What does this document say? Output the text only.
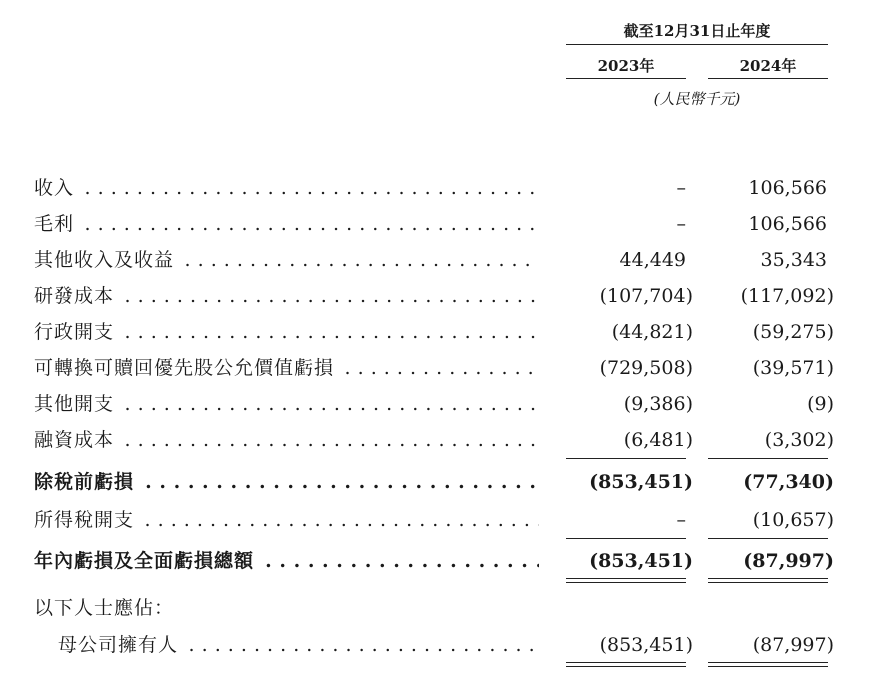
截至12月31日止年度
2023年	2024年
(人民幣千元)
收入 . . .	–	106,566
毛利 . . .	–	106,566
其他收入及收益 . . .	44,449	35,343
研發成本 . . .	(107,704)	(117,092)
行政開支 . . .	(44,821)	(59,275)
可轉換可贖回優先股公允價值虧損 . . .	(729,508)	(39,571)
其他開支 . . .	(9,386)	(9)
融資成本 . . .	(6,481)	(3,302)
除稅前虧損 . . .	(853,451)	(77,340)
所得稅開支 . . .	–	(10,657)
年內虧損及全面虧損總額 . . .	(853,451)	(87,997)
以下人士應佔：
母公司擁有人 . . .	(853,451)	(87,997)
